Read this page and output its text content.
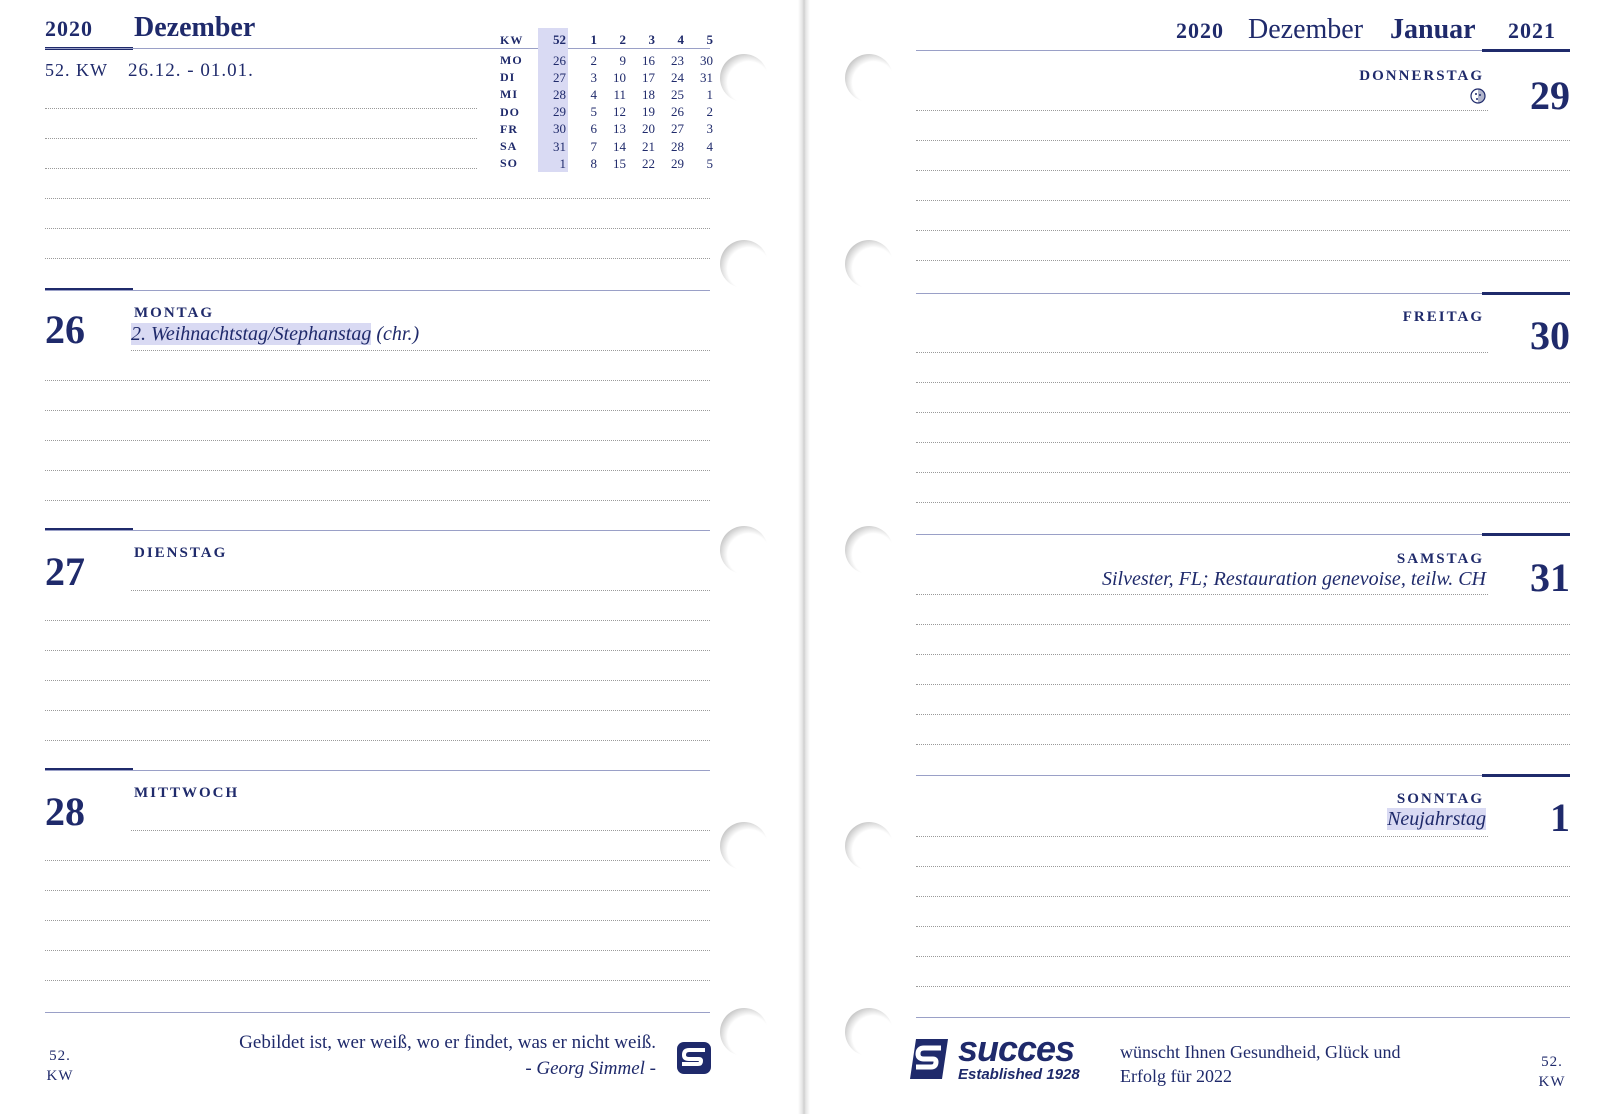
2020 Dezember
52. KW 26.12. - 01.01.
KW	52	1	2	3	4	5
MO	26	2	9	16	23	30
DI	27	3	10	17	24	31
MI	28	4	11	18	25	1
DO	29	5	12	19	26	2
FR	30	6	13	20	27	3
SA	31	7	14	21	28	4
SO	1	8	15	22	29	5
26	MONTAG
2. Weihnachtstag/Stephanstag (chr.)
27	DIENSTAG
28	MITTWOCH
52.
KW
Gebildet ist, wer weiß, wo er findet, was er nicht weiß.
- Georg Simmel -
2020 Dezember Januar 2021
DONNERSTAG	29
FREITAG	30
SAMSTAG
Silvester, FL; Restauration genevoise, teilw. CH	31
SONNTAG
Neujahrstag	1
succes
Established 1928
wünscht Ihnen Gesundheid, Glück und
Erfolg für 2022
52.
KW
